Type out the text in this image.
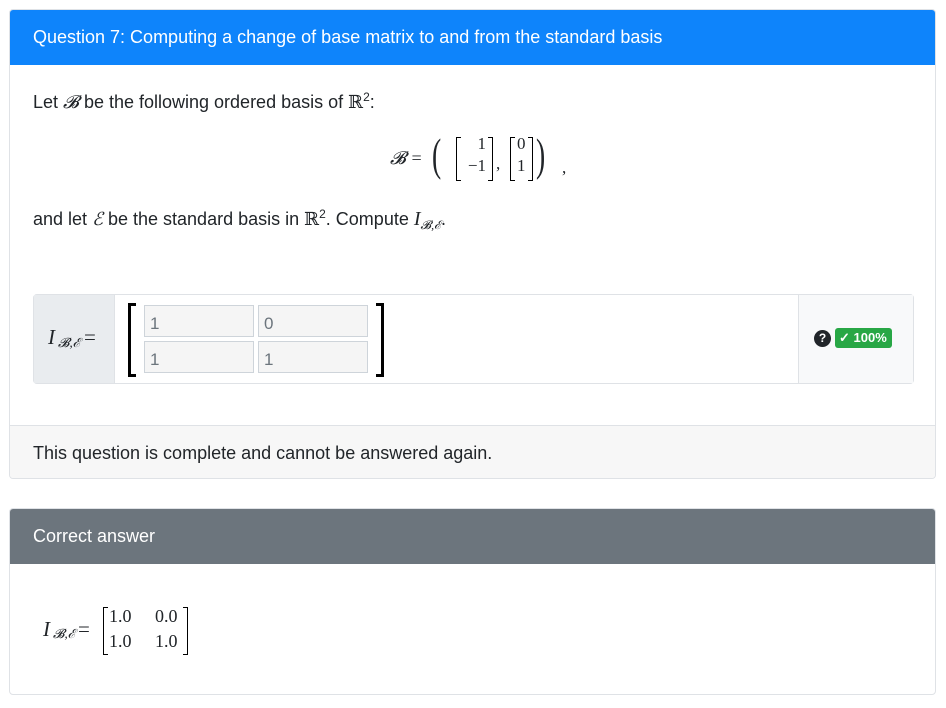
Question 7: Computing a change of base matrix to and from the standard basis
Let 𝓑 be the following ordered basis of ℝ$^2$:
𝓑 = (	1
−1 ,
0
1 ) ,
and let ℰ be the standard basis in ℝ$^2$. Compute $I_{𝓑,ℰ}$.
I 𝓑,ℰ =
1
0
1
1	? ✓ 100%
This question is complete and cannot be answered again.
Correct answer
I 𝓑,ℰ =
1.0 0.0
1.0 1.0
